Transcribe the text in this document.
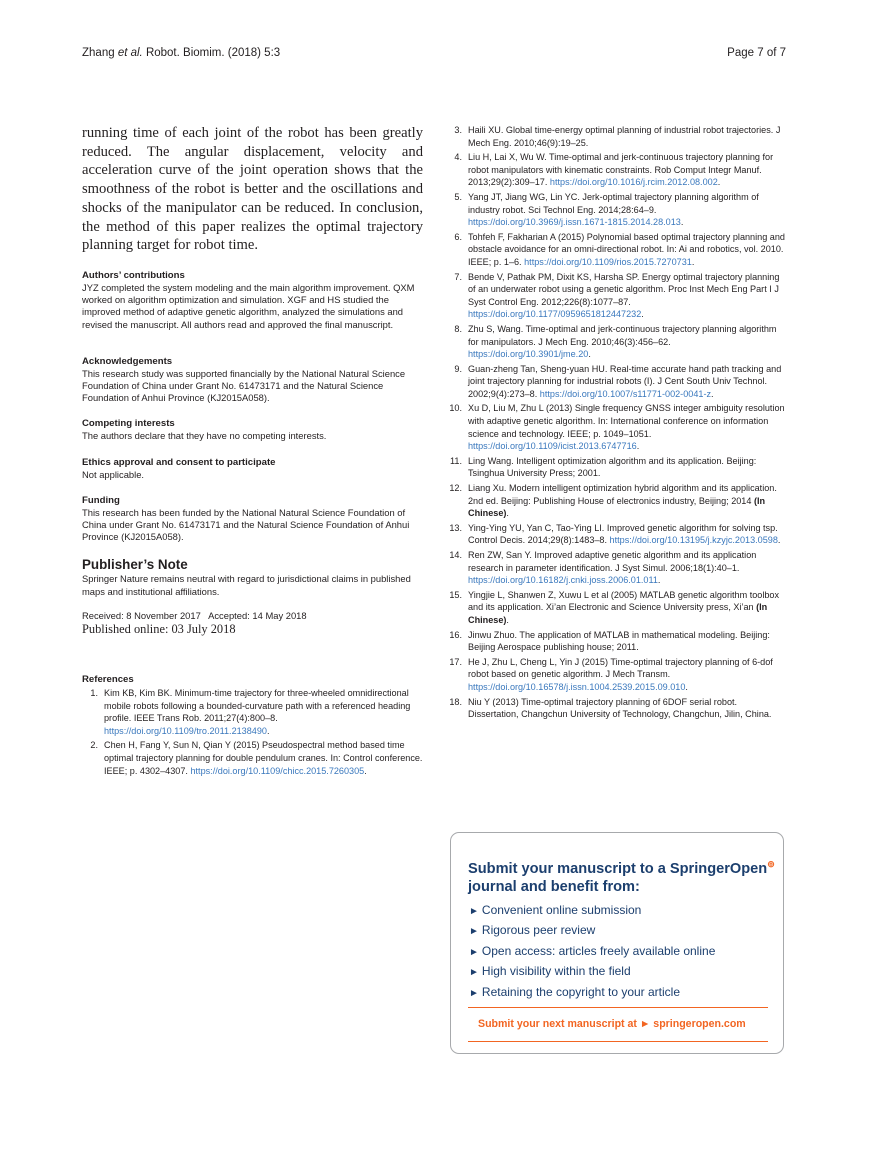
Zhang et al. Robot. Biomim. (2018) 5:3	Page 7 of 7

running time of each joint of the robot has been greatly reduced. The angular displacement, velocity and acceleration curve of the joint operation shows that the smoothness of the robot is better and the oscillations and shocks of the manipulator can be reduced. In conclusion, the method of this paper realizes the optimal trajectory planning target for robot time.

Authors’ contributions

JYZ completed the system modeling and the main algorithm improvement. QXM worked on algorithm optimization and simulation. XGF and HS studied the improved method of adaptive genetic algorithm, analyzed the simulations and revised the manuscript. All authors read and approved the final manuscript.

Acknowledgements

This research study was supported financially by the National Natural Science Foundation of China under Grant No. 61473171 and the Natural Science Foundation of Anhui Province (KJ2015A058).

Competing interests

The authors declare that they have no competing interests.

Ethics approval and consent to participate

Not applicable.

Funding

This research has been funded by the National Natural Science Foundation of China under Grant No. 61473171 and the Natural Science Foundation of Anhui Province (KJ2015A058).

Publisher’s Note

Springer Nature remains neutral with regard to jurisdictional claims in published maps and institutional affiliations.

Received: 8 November 2017   Accepted: 14 May 2018

Published online: 03 July 2018

References

1. Kim KB, Kim BK. Minimum-time trajectory for three-wheeled omnidirectional mobile robots following a bounded-curvature path with a referenced heading profile. IEEE Trans Rob. 2011;27(4):800–8. https://doi.org/10.1109/tro.2011.2138490.
2. Chen H, Fang Y, Sun N, Qian Y (2015) Pseudospectral method based time optimal trajectory planning for double pendulum cranes. In: Control conference. IEEE; p. 4302–4307. https://doi.org/10.1109/chicc.2015.7260305.
3. Haili XU. Global time-energy optimal planning of industrial robot trajectories. J Mech Eng. 2010;46(9):19–25.
4. Liu H, Lai X, Wu W. Time-optimal and jerk-continuous trajectory planning for robot manipulators with kinematic constraints. Rob Comput Integr Manuf. 2013;29(2):309–17. https://doi.org/10.1016/j.rcim.2012.08.002.
5. Yang JT, Jiang WG, Lin YC. Jerk-optimal trajectory planning algorithm of industry robot. Sci Technol Eng. 2014;28:64–9. https://doi.org/10.3969/j.issn.1671-1815.2014.28.013.
6. Tohfeh F, Fakharian A (2015) Polynomial based optimal trajectory planning and obstacle avoidance for an omni-directional robot. In: Ai and robotics, vol. 2010. IEEE; p. 1–6. https://doi.org/10.1109/rios.2015.7270731.
7. Bende V, Pathak PM, Dixit KS, Harsha SP. Energy optimal trajectory planning of an underwater robot using a genetic algorithm. Proc Inst Mech Eng Part I J Syst Control Eng. 2012;226(8):1077–87. https://doi.org/10.1177/0959651812447232.
8. Zhu S, Wang. Time-optimal and jerk-continuous trajectory planning algorithm for manipulators. J Mech Eng. 2010;46(3):456–62. https://doi.org/10.3901/jme.20.
9. Guan-zheng Tan, Sheng-yuan HU. Real-time accurate hand path tracking and joint trajectory planning for industrial robots (I). J Cent South Univ Technol. 2002;9(4):273–8. https://doi.org/10.1007/s11771-002-0041-z.
10. Xu D, Liu M, Zhu L (2013) Single frequency GNSS integer ambiguity resolution with adaptive genetic algorithm. In: International conference on information science and technology. IEEE; p. 1049–1051. https://doi.org/10.1109/icist.2013.6747716.
11. Ling Wang. Intelligent optimization algorithm and its application. Beijing: Tsinghua University Press; 2001.
12. Liang Xu. Modern intelligent optimization hybrid algorithm and its application. 2nd ed. Beijing: Publishing House of electronics industry, Beijing; 2014 (In Chinese).
13. Ying-Ying YU, Yan C, Tao-Ying LI. Improved genetic algorithm for solving tsp. Control Decis. 2014;29(8):1483–8. https://doi.org/10.13195/j.kzyjc.2013.0598.
14. Ren ZW, San Y. Improved adaptive genetic algorithm and its application research in parameter identification. J Syst Simul. 2006;18(1):40–1. https://doi.org/10.16182/j.cnki.joss.2006.01.011.
15. Yingjie L, Shanwen Z, Xuwu L et al (2005) MATLAB genetic algorithm toolbox and its application. Xi’an Electronic and Science University press, Xi’an (In Chinese).
16. Jinwu Zhuo. The application of MATLAB in mathematical modeling. Beijing: Beijing Aerospace publishing house; 2011.
17. He J, Zhu L, Cheng L, Yin J (2015) Time-optimal trajectory planning of 6-dof robot based on genetic algorithm. J Mech Transm. https://doi.org/10.16578/j.issn.1004.2539.2015.09.010.
18. Niu Y (2013) Time-optimal trajectory planning of 6DOF serial robot. Dissertation, Changchun University of Technology, Changchun, Jilin, China.
Submit your manuscript to a SpringerOpen⊚
journal and benefit from:
► Convenient online submission
► Rigorous peer review
► Open access: articles freely available online
► High visibility within the field
► Retaining the copyright to your article
Submit your next manuscript at ► springeropen.com
